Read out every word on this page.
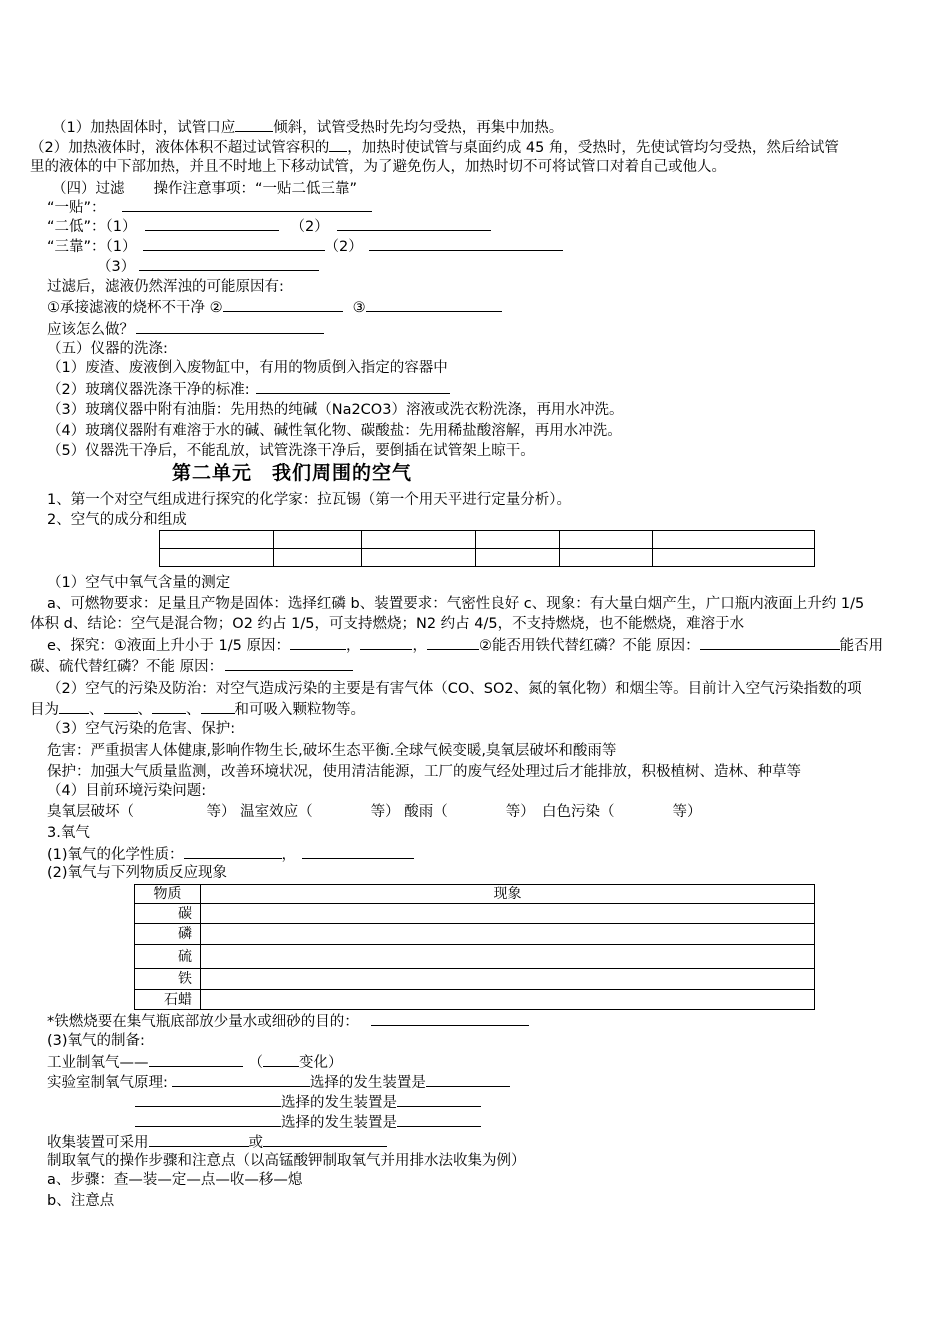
（1）加热固体时，试管口应	倾斜，试管受热时先均匀受热，再集中加热。
（2）加热液体时，液体体积不超过试管容积的 ，加热时使试管与桌面约成 45 角，受热时，先使试管均匀受热，然后给试管
里的液体的中下部加热，并且不时地上下移动试管，为了避免伤人，加热时切不可将试管口对着自己或他人。
（四）过滤　　操作注意事项：“一贴二低三靠”
“一贴”：
“二低”：（1）	（2）
“三靠”：（1）	（2）
（3）
过滤后，滤液仍然浑浊的可能原因有:
①承接滤液的烧杯不干净 ②	③
应该怎么做？
（五）仪器的洗涤:
（1）废渣、废液倒入废物缸中，有用的物质倒入指定的容器中
（2）玻璃仪器洗涤干净的标准:
（3）玻璃仪器中附有油脂：先用热的纯碱（Na2CO3）溶液或洗衣粉洗涤，再用水冲洗。
（4）玻璃仪器附有难溶于水的碱、碱性氧化物、碳酸盐：先用稀盐酸溶解，再用水冲洗。
（5）仪器洗干净后，不能乱放，试管洗涤干净后，要倒插在试管架上晾干。
第二单元　我们周围的空气
1、第一个对空气组成进行探究的化学家：拉瓦锡（第一个用天平进行定量分析）。
2、空气的成分和组成

（1）空气中氧气含量的测定
a、可燃物要求：足量且产物是固体：选择红磷 b、装置要求：气密性良好 c、现象：有大量白烟产生，广口瓶内液面上升约 1/5
体积 d、结论：空气是混合物；O2 约占 1/5，可支持燃烧；N2 约占 4/5，不支持燃烧，也不能燃烧，难溶于水
e、探究：①液面上升小于 1/5 原因：	，	，	②能否用铁代替红磷？不能 原因：	能否用
碳、硫代替红磷？不能 原因：
（2）空气的污染及防治：对空气造成污染的主要是有害气体（CO、SO2、氮的氧化物）和烟尘等。目前计入空气污染指数的项
目为 、 、 、 和可吸入颗粒物等。
（3）空气污染的危害、保护:
危害：严重损害人体健康,影响作物生长,破坏生态平衡.全球气候变暖,臭氧层破坏和酸雨等
保护：加强大气质量监测，改善环境状况，使用清洁能源，工厂的废气经处理过后才能排放，积极植树、造林、种草等
（4）目前环境污染问题:
臭氧层破坏（　　　　　等） 温室效应（　　　　等） 酸雨（　　　　等）　白色污染（　　　　等）
3.氧气
(1)氧气的化学性质：	，
(2)氧气与下列物质反应现象
物质	现象
碳	
磷	
硫	
铁	
石蜡	
*铁燃烧要在集气瓶底部放少量水或细砂的目的：
(3)氧气的制备:
工业制氧气——	（ 变化）
实验室制氧气原理:	选择的发生装置是
选择的发生装置是
选择的发生装置是
收集装置可采用	或
制取氧气的操作步骤和注意点（以高锰酸钾制取氧气并用排水法收集为例）
a、步骤：查—装—定—点—收—移—熄
b、注意点
